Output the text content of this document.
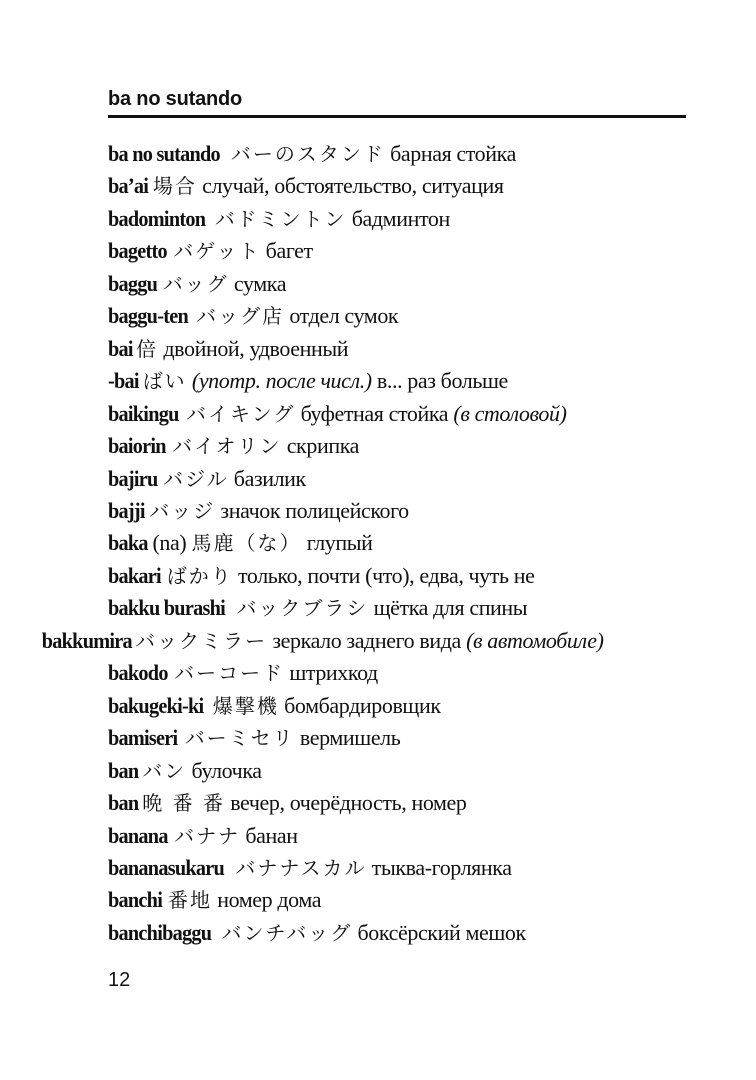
ba no sutando
ba no sutando バーのスタンド барная стойка
ba’ai 場合 случай, обстоятельство, ситуация
badominton バドミントン бадминтон
bagetto バゲット багет
baggu バッグ сумка
baggu-ten バッグ店 отдел сумок
bai 倍 двойной, удвоенный
-bai ばい (употр. после числ.) в... раз больше
baikingu バイキング буфетная стойка (в столовой)
baiorin バイオリン скрипка
bajiru バジル базилик
bajji バッジ значок полицейского
baka (na) 馬鹿（な） глупый
bakari ばかり только, почти (что), едва, чуть не
bakku burashi バックブラシ щётка для спины
bakkumira バックミラー зеркало заднего вида (в автомобиле)
bakodo バーコード штрихкод
bakugeki-ki 爆撃機 бомбардировщик
bamiseri バーミセリ вермишель
ban バン булочка
ban 晩 番 番 вечер, очерёдность, номер
banana バナナ банан
bananasukaru バナナスカル тыква-горлянка
banchi 番地 номер дома
banchibaggu バンチバッグ боксёрский мешок
12
